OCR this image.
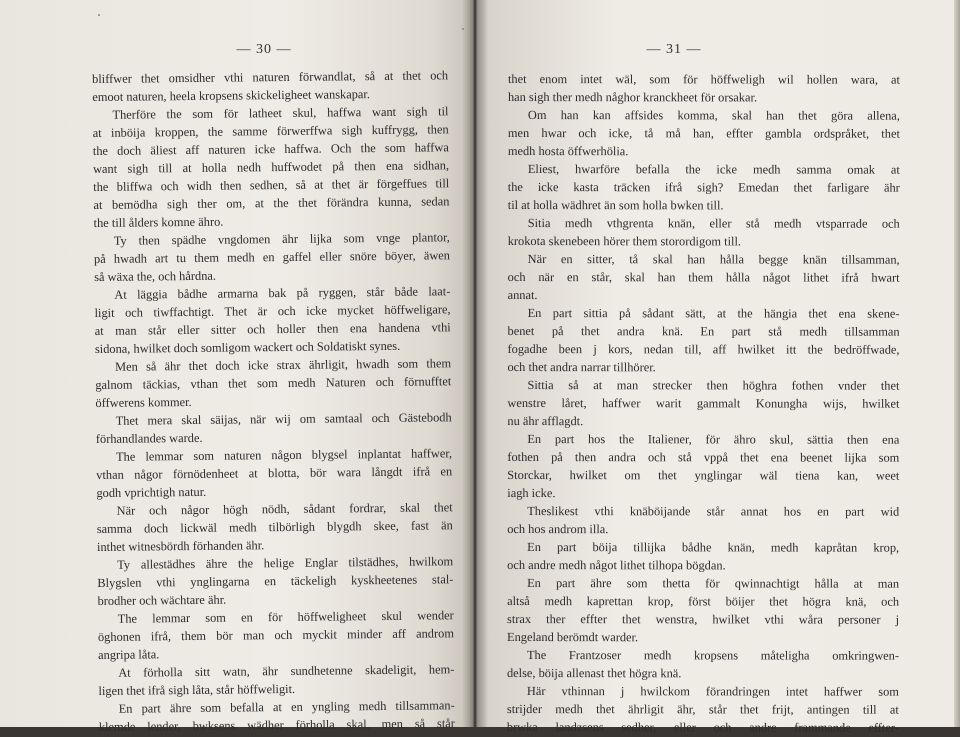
— 30 —
bliffwer thet omsidher vthi naturen förwandlat, så at thet och
emoot naturen, heela kropsens skickeligheet wanskapar.
Therföre the som för latheet skul, haffwa want sigh til
at inböija kroppen, the samme förwerffwa sigh kuffrygg, then
the doch äliest aff naturen icke haffwa. Och the som haffwa
want sigh till at holla nedh huffwodet på then ena sidhan,
the bliffwa och widh then sedhen, så at thet är förgeffues till
at bemödha sigh ther om, at the thet förändra kunna, sedan
the till ålders komne ähro.
Ty then spädhe vngdomen ähr lijka som vnge plantor,
på hwadh art tu them medh en gaffel eller snöre böyer, äwen
så wäxa the, och hårdna.
At läggia bådhe armarna bak på ryggen, står både laat-
ligit och tiwffachtigt. Thet är och icke mycket höffweligare,
at man står eller sitter och holler then ena handena vthi
sidona, hwilket doch somligom wackert och Soldatiskt synes.
Men så ähr thet doch icke strax ährligit, hwadh som them
galnom täckias, vthan thet som medh Naturen och förnufftet
öffwerens kommer.
Thet mera skal säijas, när wij om samtaal och Gästebodh
förhandlandes warde.
The lemmar som naturen någon blygsel inplantat haffwer,
vthan någor förnödenheet at blotta, bör wara långdt ifrå en
godh vprichtigh natur.
När och någor högh nödh, sådant fordrar, skal thet
samma doch lickwäl medh tilbörligh blygdh skee, fast än
inthet witnesbördh förhanden ähr.
Ty allestädhes ähre the helige Englar tilstädhes, hwilkom
Blygslen vthi ynglingarna en täckeligh kyskheetenes stal-
brodher och wächtare ähr.
The lemmar som en för höffweligheet skul wender
öghonen ifrå, them bör man och myckit minder aff androm
angripa låta.
At förholla sitt watn, ähr sundhetenne skadeligit, hem-
ligen thet ifrå sigh låta, står höffweligit.
En part ähre som befalla at en yngling medh tillsamman-
klemde lender, bwksens wädher förholla skal, men så står
— 31 —
thet enom intet wäl, som för höffweligh wil hollen wara, at
han sigh ther medh någhor kranckheet för orsakar.
Om han kan affsides komma, skal han thet göra allena,
men hwar och icke, tå må han, effter gambla ordspråket, thet
medh hosta öffwerhölia.
Eliest, hwarföre befalla the icke medh samma omak at
the icke kasta träcken ifrå sigh? Emedan thet farligare ähr
til at holla wädhret än som holla bwken till.
Sitia medh vthgrenta knän, eller stå medh vtsparrade och
krokota skenebeen hörer them storordigom till.
När en sitter, tå skal han hålla begge knän tillsamman,
och när en står, skal han them hålla något lithet ifrå hwart
annat.
En part sittia på sådant sätt, at the hängia thet ena skene-
benet på thet andra knä. En part stå medh tillsamman
fogadhe been j kors, nedan till, aff hwilket itt the bedröffwade,
och thet andra narrar tillhörer.
Sittia så at man strecker then höghra fothen vnder thet
wenstre låret, haffwer warit gammalt Konungha wijs, hwilket
nu ähr afflagdt.
En part hos the Italiener, för ähro skul, sättia then ena
fothen på then andra och stå vppå thet ena beenet lijka som
Storckar, hwilket om thet ynglingar wäl tiena kan, weet
iagh icke.
Theslikest vthi knäböijande står annat hos en part wid
och hos androm illa.
En part böija tillijka bådhe knän, medh kapråtan krop,
och andre medh något lithet tilhopa bögdan.
En part ähre som thetta för qwinnachtigt hålla at man
altså medh kaprettan krop, först böijer thet högra knä, och
strax ther effter thet wenstra, hwilket vthi wåra personer j
Engeland berömdt warder.
The Frantzoser medh kropsens måteligha omkringwen-
delse, böija allenast thet högra knä.
Här vthinnan j hwilckom förandringen intet haffwer som
strijder medh thet ährligit ähr, står thet frijt, antingen till at
brwka landzsens sedher, eller och andre frammande effter-
